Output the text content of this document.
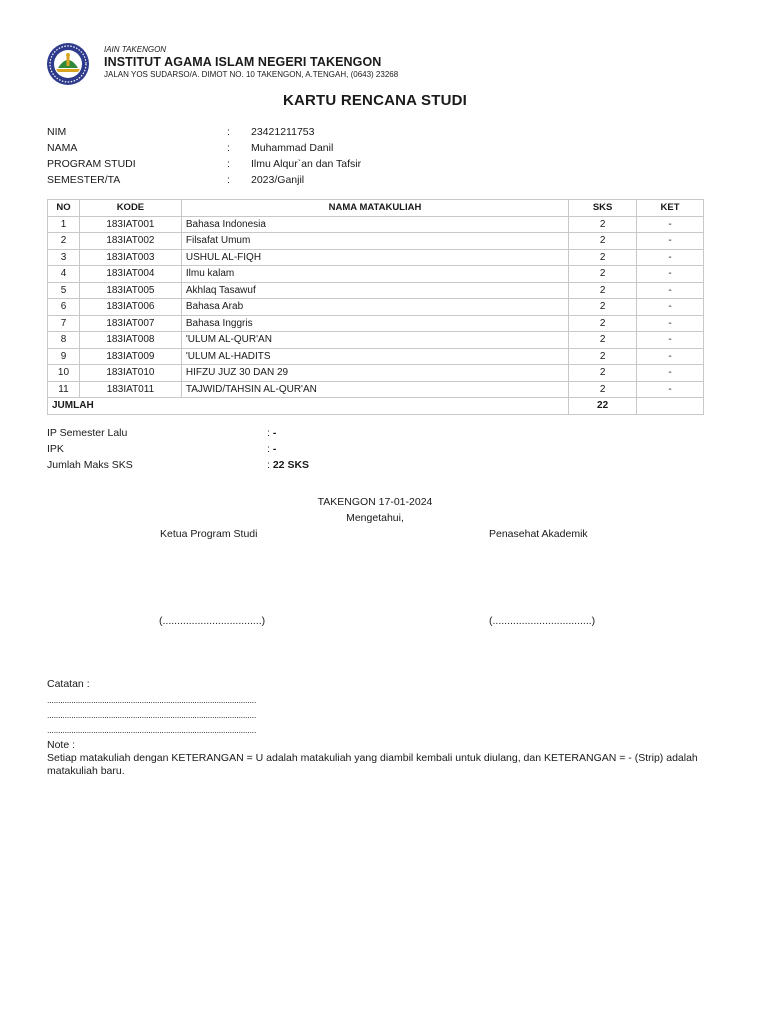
IAIN TAKENGON
INSTITUT AGAMA ISLAM NEGERI TAKENGON
JALAN YOS SUDARSO/A. DIMOT NO. 10 TAKENGON, A.TENGAH, (0643) 23268
KARTU RENCANA STUDI
NIM	: 23421211753
NAMA	: Muhammad Danil
PROGRAM STUDI	: Ilmu Alqur`an dan Tafsir
SEMESTER/TA	: 2023/Ganjil
NO	KODE	NAMA MATAKULIAH	SKS	KET
1	183IAT001	Bahasa Indonesia	2	-
2	183IAT002	Filsafat Umum	2	-
3	183IAT003	USHUL AL-FIQH	2	-
4	183IAT004	Ilmu kalam	2	-
5	183IAT005	Akhlaq Tasawuf	2	-
6	183IAT006	Bahasa Arab	2	-
7	183IAT007	Bahasa Inggris	2	-
8	183IAT008	'ULUM AL-QUR'AN	2	-
9	183IAT009	'ULUM AL-HADITS	2	-
10	183IAT010	HIFZU JUZ 30 DAN 29	2	-
11	183IAT011	TAJWID/TAHSIN AL-QUR'AN	2	-
JUMLAH			22	
IP Semester Lalu	: -
IPK	: -
Jumlah Maks SKS	: 22 SKS
TAKENGON 17-01-2024
Mengetahui,
Ketua Program Studi	Penasehat Akademik
(..................................)	(..................................)
Catatan :
...............................................................................................
...............................................................................................
...............................................................................................
Note :
Setiap matakuliah dengan KETERANGAN = U adalah matakuliah yang diambil kembali untuk diulang, dan KETERANGAN = - (Strip) adalah matakuliah baru.
